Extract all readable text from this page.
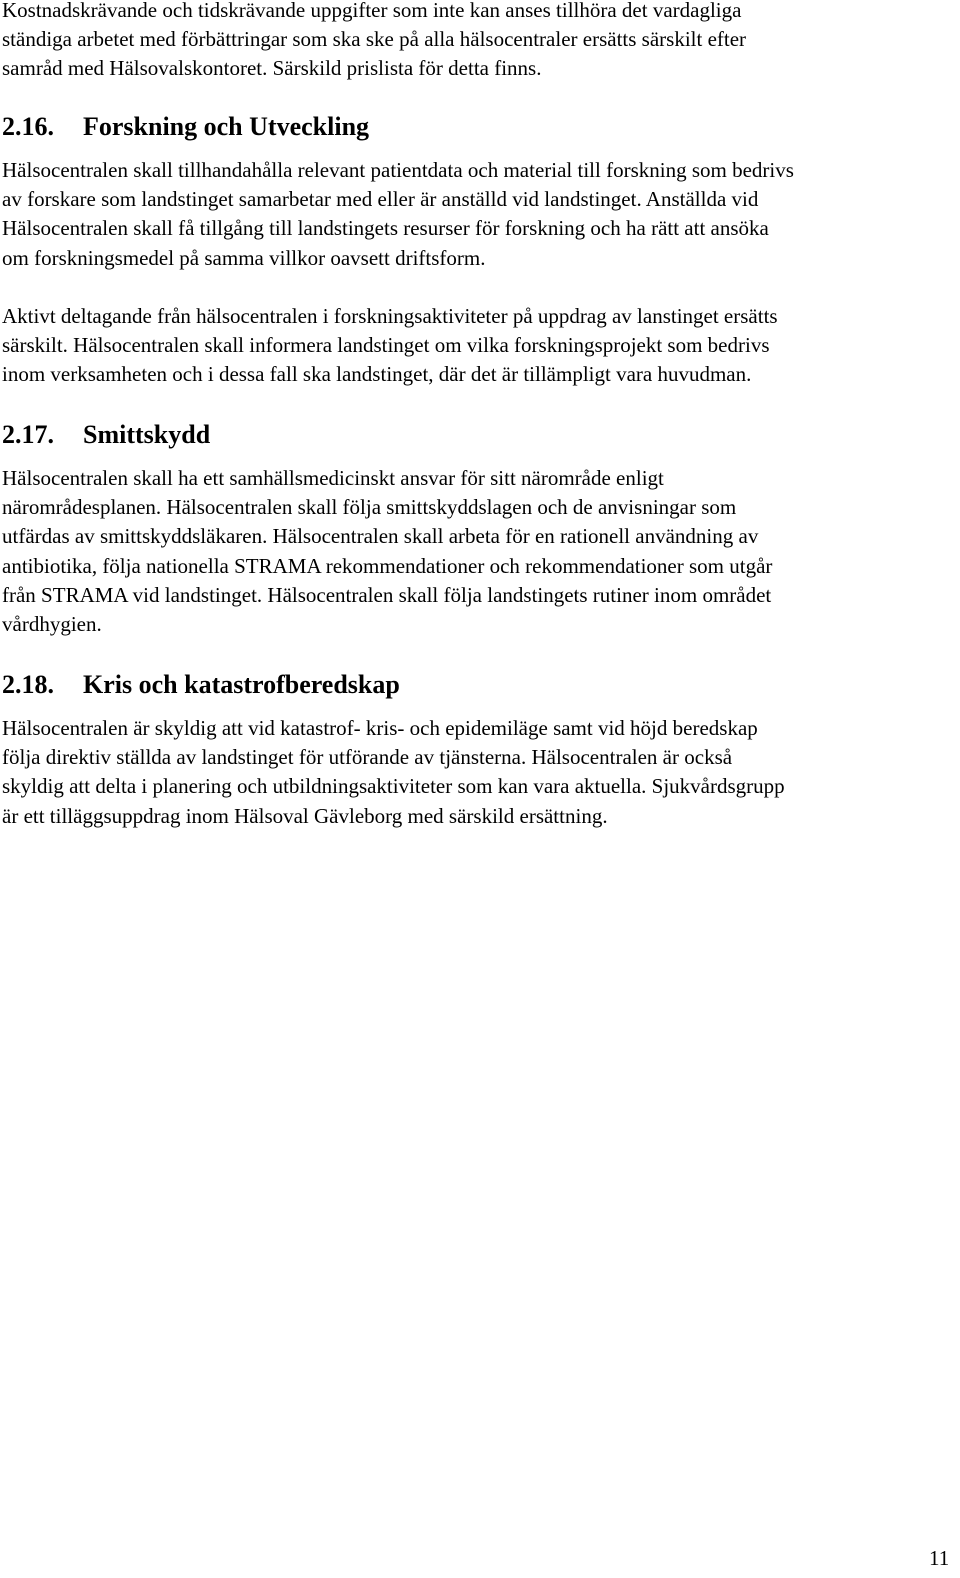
Kostnadskrävande och tidskrävande uppgifter som inte kan anses tillhöra det vardagliga
ständiga arbetet med förbättringar som ska ske på alla hälsocentraler ersätts särskilt efter
samråd med Hälsovalskontoret. Särskild prislista för detta finns.

2.16. Forskning och Utveckling

Hälsocentralen skall tillhandahålla relevant patientdata och material till forskning som bedrivs
av forskare som landstinget samarbetar med eller är anställd vid landstinget. Anställda vid
Hälsocentralen skall få tillgång till landstingets resurser för forskning och ha rätt att ansöka
om forskningsmedel på samma villkor oavsett driftsform.

Aktivt deltagande från hälsocentralen i forskningsaktiviteter på uppdrag av lanstinget ersätts
särskilt. Hälsocentralen skall informera landstinget om vilka forskningsprojekt som bedrivs
inom verksamheten och i dessa fall ska landstinget, där det är tillämpligt vara huvudman.

2.17. Smittskydd

Hälsocentralen skall ha ett samhällsmedicinskt ansvar för sitt närområde enligt
närområdesplanen. Hälsocentralen skall följa smittskyddslagen och de anvisningar som
utfärdas av smittskyddsläkaren. Hälsocentralen skall arbeta för en rationell användning av
antibiotika, följa nationella STRAMA rekommendationer och rekommendationer som utgår
från STRAMA vid landstinget. Hälsocentralen skall följa landstingets rutiner inom området
vårdhygien.

2.18. Kris och katastrofberedskap

Hälsocentralen är skyldig att vid katastrof- kris- och epidemiläge samt vid höjd beredskap
följa direktiv ställda av landstinget för utförande av tjänsterna. Hälsocentralen är också
skyldig att delta i planering och utbildningsaktiviteter som kan vara aktuella. Sjukvårdsgrupp
är ett tilläggsuppdrag inom Hälsoval Gävleborg med särskild ersättning.

11
